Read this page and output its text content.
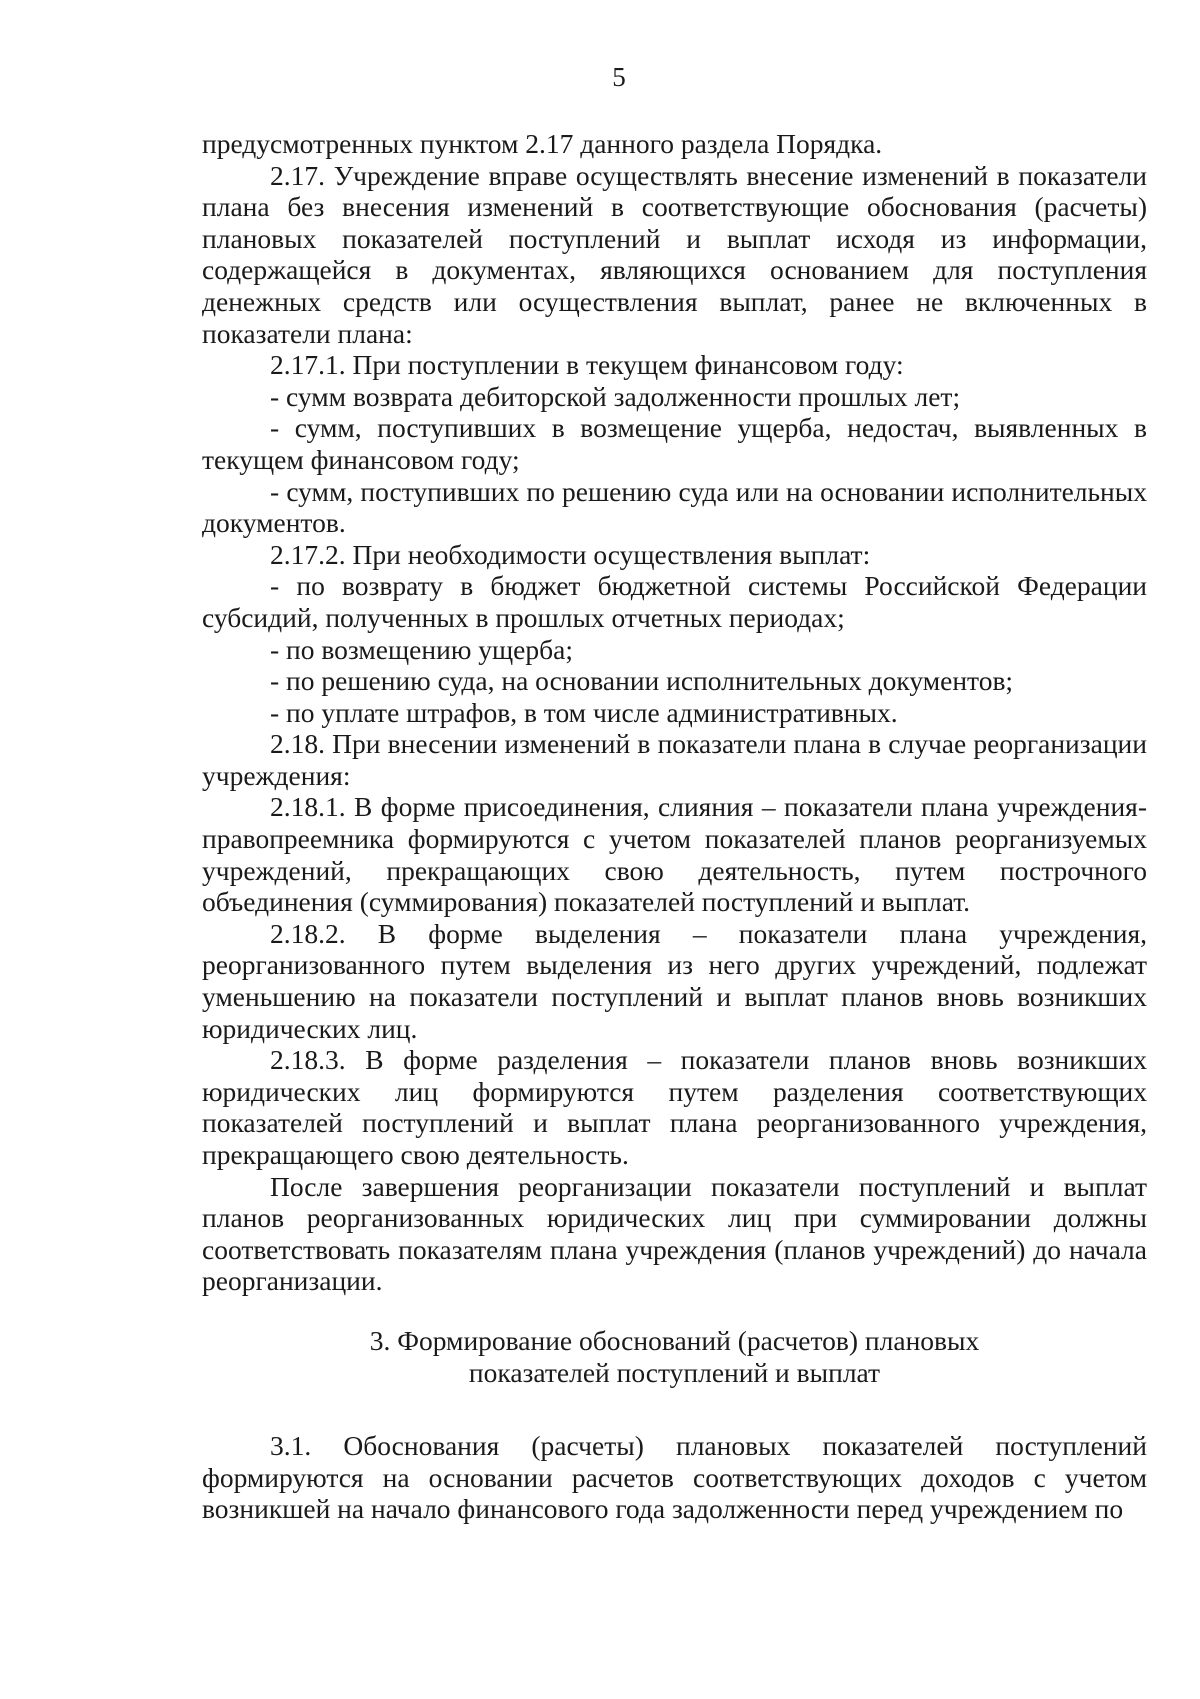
5

предусмотренных пунктом 2.17 данного раздела Порядка.

2.17. Учреждение вправе осуществлять внесение изменений в показатели плана без внесения изменений в соответствующие обоснования (расчеты) плановых показателей поступлений и выплат исходя из информации, содержащейся в документах, являющихся основанием для поступления денежных средств или осуществления выплат, ранее не включенных в показатели плана:

2.17.1. При поступлении в текущем финансовом году:

- сумм возврата дебиторской задолженности прошлых лет;

- сумм, поступивших в возмещение ущерба, недостач, выявленных в текущем финансовом году;

- сумм, поступивших по решению суда или на основании исполнительных документов.

2.17.2. При необходимости осуществления выплат:

- по возврату в бюджет бюджетной системы Российской Федерации субсидий, полученных в прошлых отчетных периодах;

- по возмещению ущерба;

- по решению суда, на основании исполнительных документов;

- по уплате штрафов, в том числе административных.

2.18. При внесении изменений в показатели плана в случае реорганизации учреждения:

2.18.1. В форме присоединения, слияния – показатели плана учреждения-правопреемника формируются с учетом показателей планов реорганизуемых учреждений, прекращающих свою деятельность, путем построчного объединения (суммирования) показателей поступлений и выплат.

2.18.2. В форме выделения – показатели плана учреждения, реорганизованного путем выделения из него других учреждений, подлежат уменьшению на показатели поступлений и выплат планов вновь возникших юридических лиц.

2.18.3. В форме разделения – показатели планов вновь возникших юридических лиц формируются путем разделения соответствующих показателей поступлений и выплат плана реорганизованного учреждения, прекращающего свою деятельность.

После завершения реорганизации показатели поступлений и выплат планов реорганизованных юридических лиц при суммировании должны соответствовать показателям плана учреждения (планов учреждений) до начала реорганизации.

3. Формирование обоснований (расчетов) плановых
показателей поступлений и выплат

3.1. Обоснования (расчеты) плановых показателей поступлений формируются на основании расчетов соответствующих доходов с учетом возникшей на начало финансового года задолженности перед учреждением по
